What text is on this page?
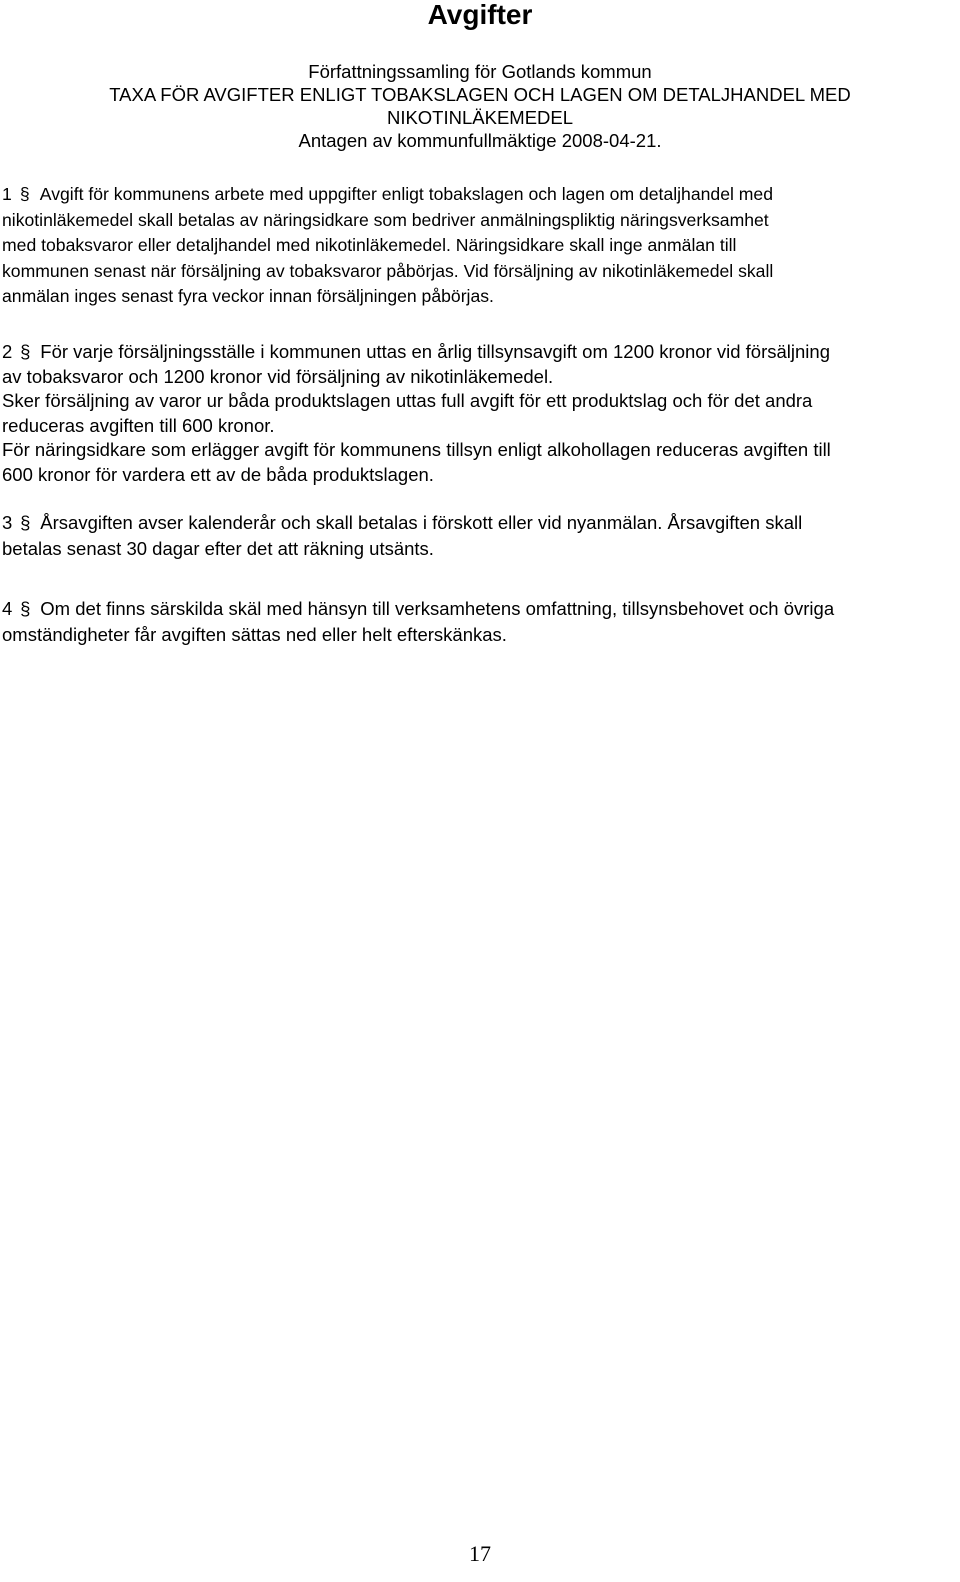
Avgifter
Författningssamling för Gotlands kommun
TAXA FÖR AVGIFTER ENLIGT TOBAKSLAGEN OCH LAGEN OM DETALJHANDEL MED
NIKOTINLÄKEMEDEL
Antagen av kommunfullmäktige 2008-04-21.

1 § Avgift för kommunens arbete med uppgifter enligt tobakslagen och lagen om detaljhandel med

nikotinläkemedel skall betalas av näringsidkare som bedriver anmälningspliktig näringsverksamhet

med tobaksvaror eller detaljhandel med nikotinläkemedel. Näringsidkare skall inge anmälan till

kommunen senast när försäljning av tobaksvaror påbörjas. Vid försäljning av nikotinläkemedel skall

anmälan inges senast fyra veckor innan försäljningen påbörjas.

2 § För varje försäljningsställe i kommunen uttas en årlig tillsynsavgift om 1200 kronor vid försäljning

av tobaksvaror och 1200 kronor vid försäljning av nikotinläkemedel.

Sker försäljning av varor ur båda produktslagen uttas full avgift för ett produktslag och för det andra

reduceras avgiften till 600 kronor.

För näringsidkare som erlägger avgift för kommunens tillsyn enligt alkohollagen reduceras avgiften till

600 kronor för vardera ett av de båda produktslagen.

3 § Årsavgiften avser kalenderår och skall betalas i förskott eller vid nyanmälan. Årsavgiften skall

betalas senast 30 dagar efter det att räkning utsänts.

4 § Om det finns särskilda skäl med hänsyn till verksamhetens omfattning, tillsynsbehovet och övriga

omständigheter får avgiften sättas ned eller helt efterskänkas.

17
